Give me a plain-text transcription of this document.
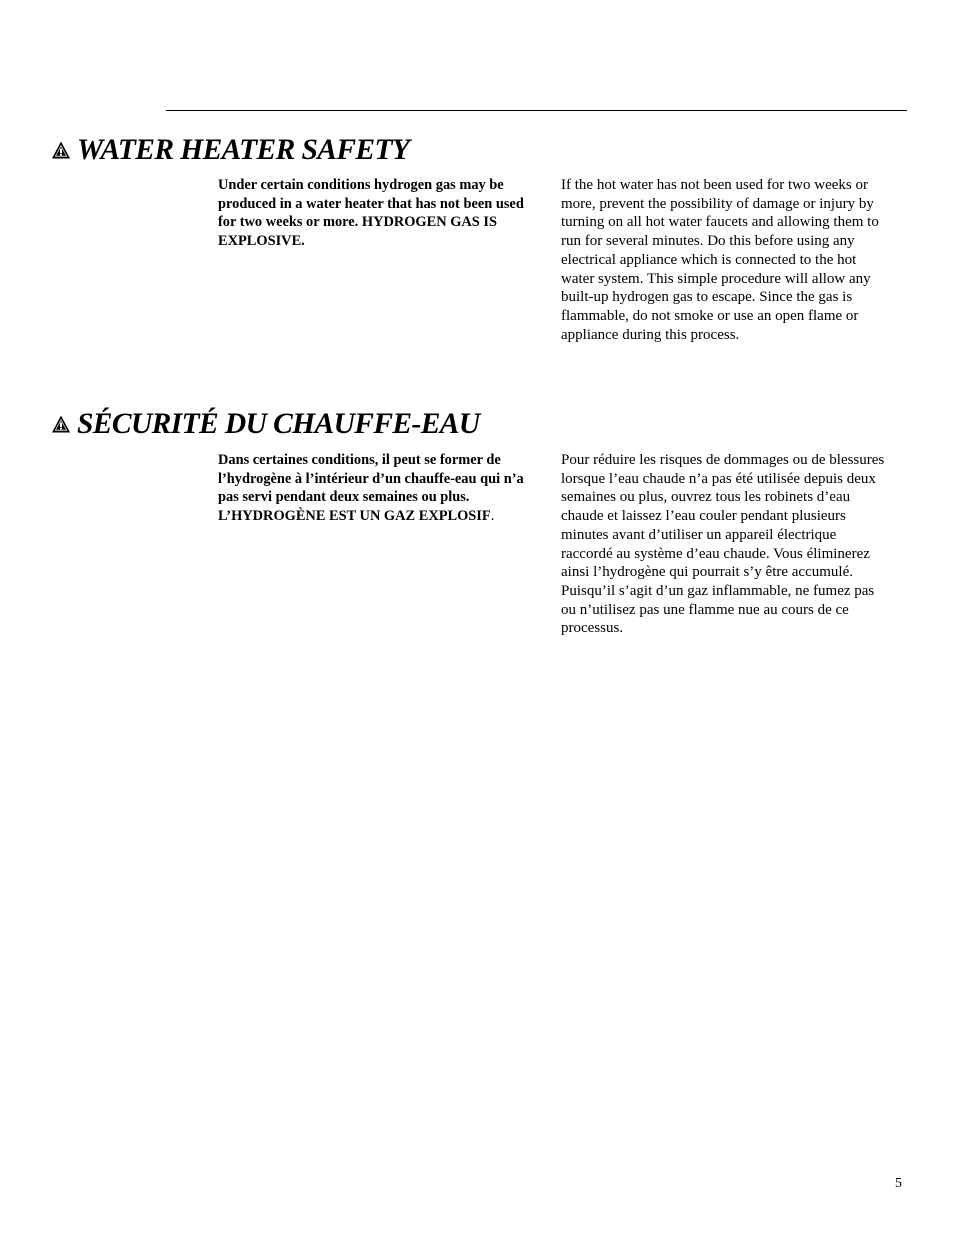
WATER HEATER SAFETY

Under certain conditions hydrogen gas may be produced in a water heater that has not been used for two weeks or more. HYDROGEN GAS IS EXPLOSIVE.

If the hot water has not been used for two weeks or more, prevent the possibility of damage or injury by turning on all hot water faucets and allowing them to run for several minutes. Do this before using any electrical appliance which is connected to the hot water system. This simple procedure will allow any built-up hydrogen gas to escape. Since the gas is flammable, do not smoke or use an open flame or appliance during this process.

SÉCURITÉ DU CHAUFFE-EAU

Dans certaines conditions, il peut se former de l’hydrogène à l’intérieur d’un chauffe-eau qui n’a pas servi pendant deux semaines ou plus. L’HYDROGÈNE EST UN GAZ EXPLOSIF.

Pour réduire les risques de dommages ou de blessures lorsque l’eau chaude n’a pas été utilisée depuis deux semaines ou plus, ouvrez tous les robinets d’eau chaude et laissez l’eau couler pendant plusieurs minutes avant d’utiliser un appareil électrique raccordé au système d’eau chaude. Vous éliminerez ainsi l’hydrogène qui pourrait s’y être accumulé. Puisqu’il s’agit d’un gaz inflammable, ne fumez pas ou n’utilisez pas une flamme nue au cours de ce processus.

5
